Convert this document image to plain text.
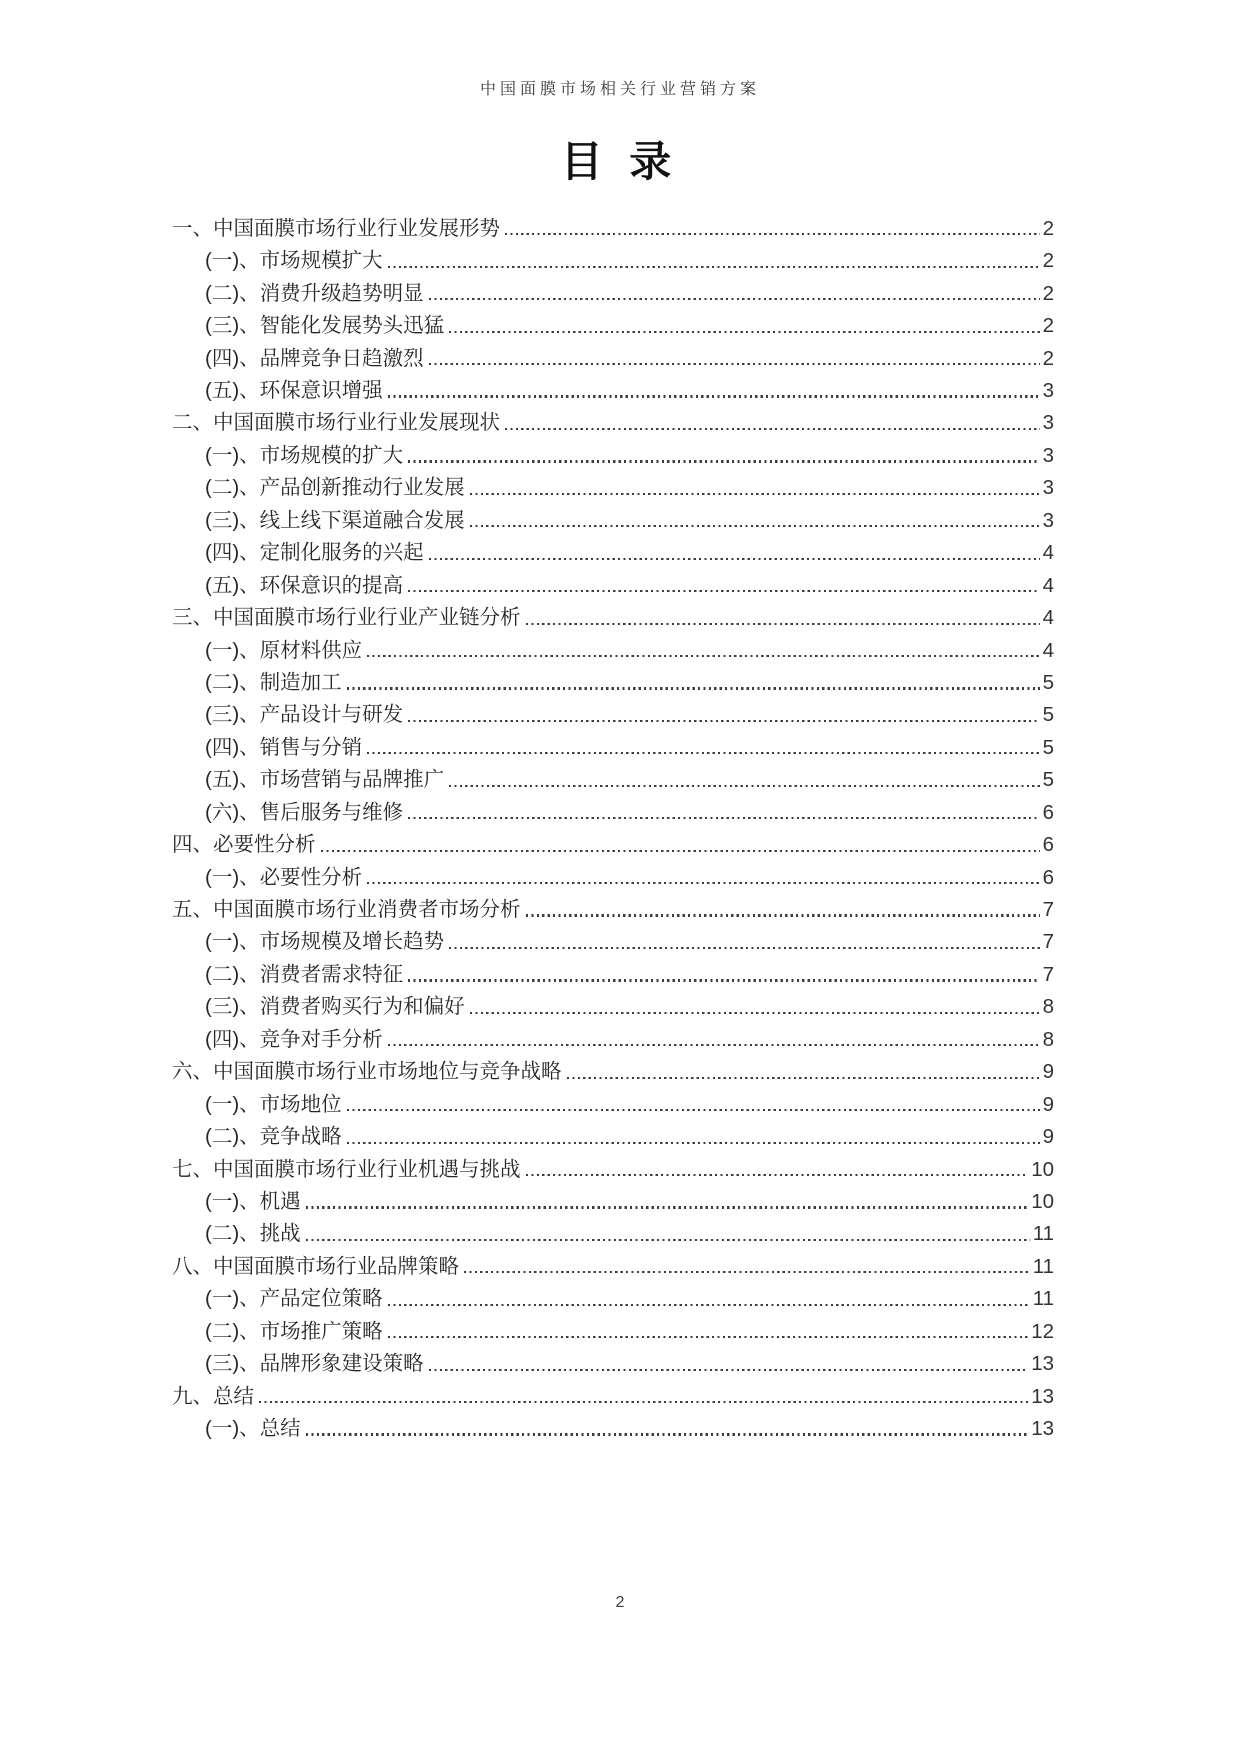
中国面膜市场相关行业营销方案
目 录
一、中国面膜市场行业行业发展形势	2
(一)、市场规模扩大	2
(二)、消费升级趋势明显	2
(三)、智能化发展势头迅猛	2
(四)、品牌竞争日趋激烈	2
(五)、环保意识增强	3
二、中国面膜市场行业行业发展现状	3
(一)、市场规模的扩大	3
(二)、产品创新推动行业发展	3
(三)、线上线下渠道融合发展	3
(四)、定制化服务的兴起	4
(五)、环保意识的提高	4
三、中国面膜市场行业行业产业链分析	4
(一)、原材料供应	4
(二)、制造加工	5
(三)、产品设计与研发	5
(四)、销售与分销	5
(五)、市场营销与品牌推广	5
(六)、售后服务与维修	6
四、必要性分析	6
(一)、必要性分析	6
五、中国面膜市场行业消费者市场分析	7
(一)、市场规模及增长趋势	7
(二)、消费者需求特征	7
(三)、消费者购买行为和偏好	8
(四)、竞争对手分析	8
六、中国面膜市场行业市场地位与竞争战略	9
(一)、市场地位	9
(二)、竞争战略	9
七、中国面膜市场行业行业机遇与挑战	10
(一)、机遇	10
(二)、挑战	11
八、中国面膜市场行业品牌策略	11
(一)、产品定位策略	11
(二)、市场推广策略	12
(三)、品牌形象建设策略	13
九、总结	13
(一)、总结	13
2
